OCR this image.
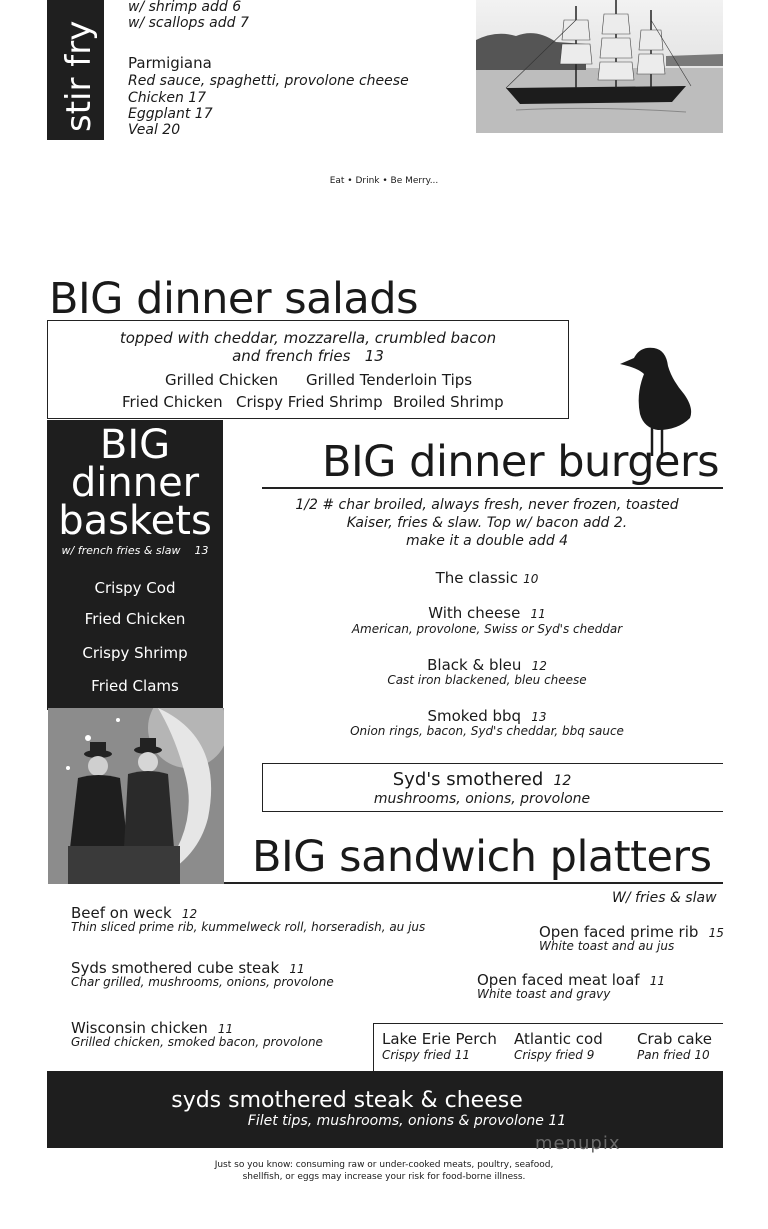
stir fry
w/ shrimp add 6
w/ scallops add 7
Parmigiana
Red sauce, spaghetti, provolone cheese
Chicken 17
Eggplant 17
Veal 20
Eat • Drink • Be Merry...
BIG dinner salads
topped with cheddar, mozzarella, crumbled bacon
and french fries 13
Grilled Chicken Grilled Tenderloin Tips
Fried Chicken Crispy Fried Shrimp Broiled Shrimp
BIG
dinner
baskets
w/ french fries & slaw 13
Crispy Cod
Fried Chicken
Crispy Shrimp
Fried Clams
BIG dinner burgers
1/2 # char broiled, always fresh, never frozen, toasted
Kaiser, fries & slaw. Top w/ bacon add 2.
make it a double add 4
The classic 10
With cheese 11
American, provolone, Swiss or Syd's cheddar
Black & bleu 12
Cast iron blackened, bleu cheese
Smoked bbq 13
Onion rings, bacon, Syd's cheddar, bbq sauce
Syd's smothered 12
mushrooms, onions, provolone
BIG sandwich platters
W/ fries & slaw
Beef on weck 12
Thin sliced prime rib, kummelweck roll, horseradish, au jus
Syds smothered cube steak 11
Char grilled, mushrooms, onions, provolone
Wisconsin chicken 11
Grilled chicken, smoked bacon, provolone
Open faced prime rib 15
White toast and au jus
Open faced meat loaf 11
White toast and gravy
Lake Erie Perch
Crispy fried 11
Atlantic cod
Crispy fried 9
Crab cake
Pan fried 10
syds smothered steak & cheese
Filet tips, mushrooms, onions & provolone 11
menupix
Just so you know: consuming raw or under-cooked meats, poultry, seafood,
shellfish, or eggs may increase your risk for food-borne illness.
